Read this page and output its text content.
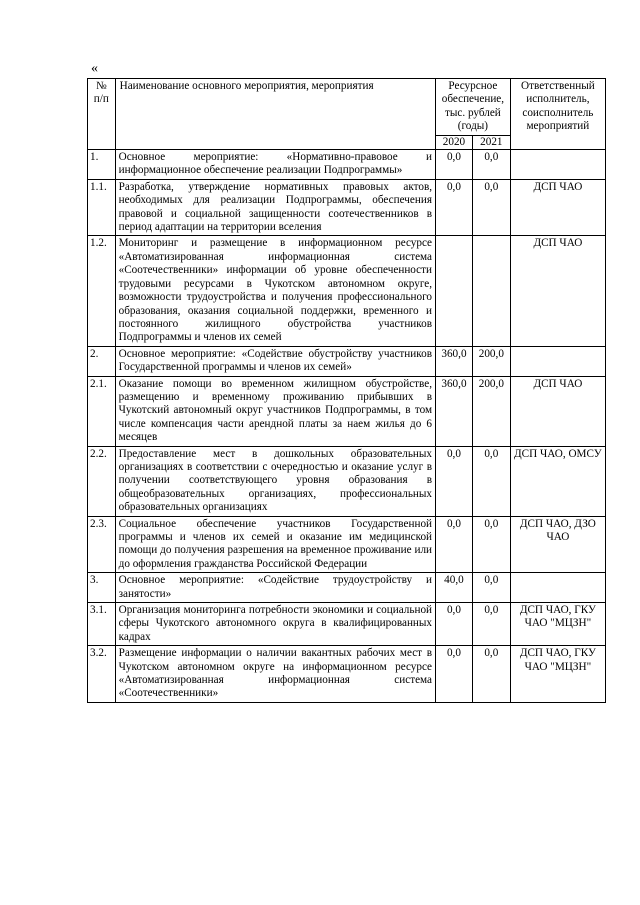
«
№ п/п	Наименование основного мероприятия, мероприятия	Ресурсное обеспечение, тыс. рублей (годы)		Ответственный исполнитель, соисполнитель мероприятий
		2020	2021	
1.	Основное мероприятие: «Нормативно-правовое и информационное обеспечение реализации Подпрограммы»	0,0	0,0	
1.1.	Разработка, утверждение нормативных правовых актов, необходимых для реализации Подпрограммы, обеспечения правовой и социальной защищенности соотечественников в период адаптации на территории вселения	0,0	0,0	ДСП ЧАО
1.2.	Мониторинг и размещение в информационном ресурсе «Автоматизированная информационная система «Соотечественники» информации об уровне обеспеченности трудовыми ресурсами в Чукотском автономном округе, возможности трудоустройства и получения профессионального образования, оказания социальной поддержки, временного и постоянного жилищного обустройства участников Подпрограммы и членов их семей			ДСП ЧАО
2.	Основное мероприятие: «Содействие обустройству участников Государственной программы и членов их семей»	360,0	200,0	
2.1.	Оказание помощи во временном жилищном обустройстве, размещению и временному проживанию прибывших в Чукотский автономный округ участников Подпрограммы, в том числе компенсация части арендной платы за наем жилья до 6 месяцев	360,0	200,0	ДСП ЧАО
2.2.	Предоставление мест в дошкольных образовательных организациях в соответствии с очередностью и оказание услуг в получении соответствующего уровня образования в общеобразовательных организациях, профессиональных образовательных организациях	0,0	0,0	ДСП ЧАО, ОМСУ
2.3.	Социальное обеспечение участников Государственной программы и членов их семей и оказание им медицинской помощи до получения разрешения на временное проживание или до оформления гражданства Российской Федерации	0,0	0,0	ДСП ЧАО, ДЗО ЧАО
3.	Основное мероприятие: «Содействие трудоустройству и занятости»	40,0	0,0	
3.1.	Организация мониторинга потребности экономики и социальной сферы Чукотского автономного округа в квалифицированных кадрах	0,0	0,0	ДСП ЧАО, ГКУ ЧАО "МЦЗН"
3.2.	Размещение информации о наличии вакантных рабочих мест в Чукотском автономном округе на информационном ресурсе «Автоматизированная информационная система «Соотечественники»	0,0	0,0	ДСП ЧАО, ГКУ ЧАО "МЦЗН"
